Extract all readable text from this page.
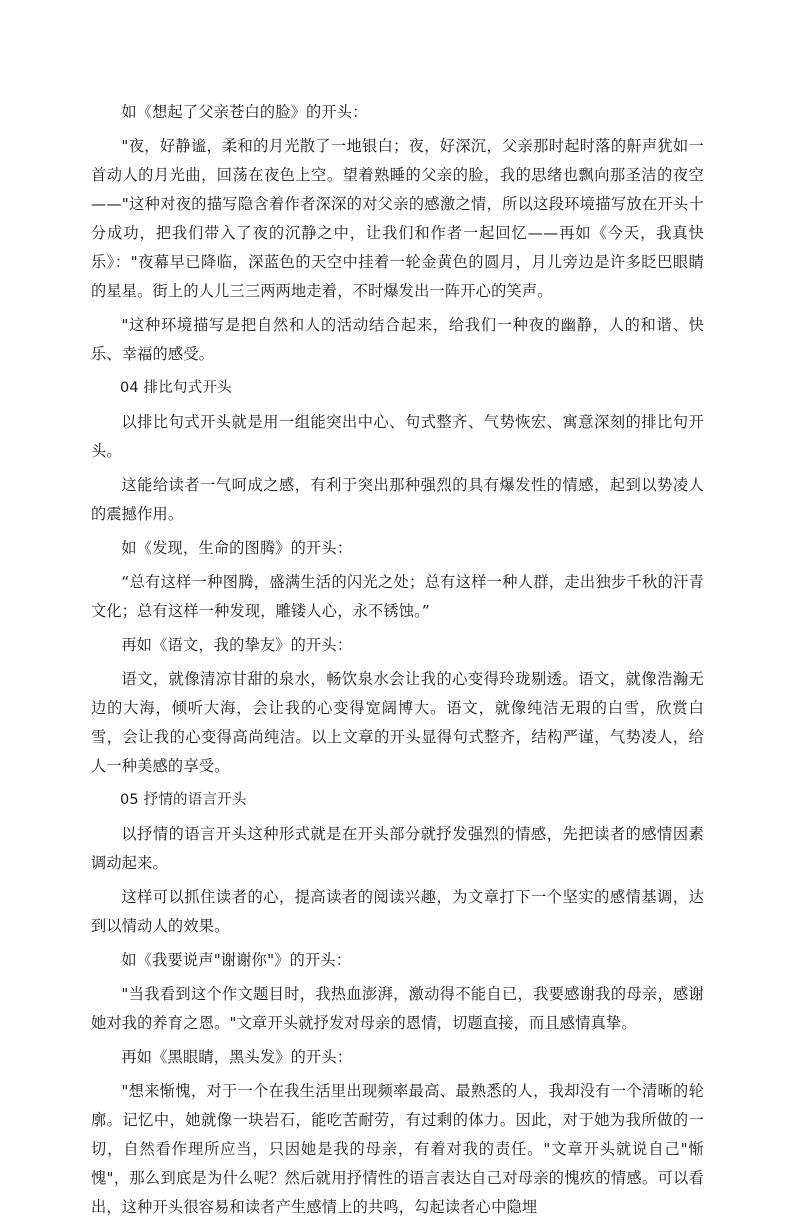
如《想起了父亲苍白的脸》的开头：

"夜，好静谧，柔和的月光散了一地银白；夜，好深沉，父亲那时起时落的鼾声犹如一首动人的月光曲，回荡在夜色上空。望着熟睡的父亲的脸，我的思绪也飘向那圣洁的夜空——"这种对夜的描写隐含着作者深深的对父亲的感激之情，所以这段环境描写放在开头十分成功，把我们带入了夜的沉静之中，让我们和作者一起回忆——再如《今天，我真快乐》："夜幕早已降临，深蓝色的天空中挂着一轮金黄色的圆月，月儿旁边是许多眨巴眼睛的星星。街上的人儿三三两两地走着，不时爆发出一阵开心的笑声。

"这种环境描写是把自然和人的活动结合起来，给我们一种夜的幽静，人的和谐、快乐、幸福的感受。

04 排比句式开头

以排比句式开头就是用一组能突出中心、句式整齐、气势恢宏、寓意深刻的排比句开头。

这能给读者一气呵成之感，有利于突出那种强烈的具有爆发性的情感，起到以势凌人的震撼作用。

如《发现，生命的图腾》的开头：

“总有这样一种图腾，盛满生活的闪光之处；总有这样一种人群，走出独步千秋的汗青文化；总有这样一种发现，雕镂人心，永不锈蚀。”

再如《语文，我的挚友》的开头：

语文，就像清凉甘甜的泉水，畅饮泉水会让我的心变得玲珑剔透。语文，就像浩瀚无边的大海，倾听大海，会让我的心变得宽阔博大。语文，就像纯洁无瑕的白雪，欣赏白雪，会让我的心变得高尚纯洁。以上文章的开头显得句式整齐，结构严谨，气势凌人，给人一种美感的享受。

05 抒情的语言开头

以抒情的语言开头这种形式就是在开头部分就抒发强烈的情感，先把读者的感情因素调动起来。

这样可以抓住读者的心，提高读者的阅读兴趣，为文章打下一个坚实的感情基调，达到以情动人的效果。

如《我要说声"谢谢你"》的开头：

"当我看到这个作文题目时，我热血澎湃，激动得不能自已，我要感谢我的母亲，感谢她对我的养育之恩。"文章开头就抒发对母亲的恩情，切题直接，而且感情真挚。

再如《黑眼睛，黑头发》的开头：

"想来惭愧，对于一个在我生活里出现频率最高、最熟悉的人，我却没有一个清晰的轮廓。记忆中，她就像一块岩石，能吃苦耐劳，有过剩的体力。因此，对于她为我所做的一切，自然看作理所应当，只因她是我的母亲，有着对我的责任。"文章开头就说自己"惭愧"，那么到底是为什么呢？然后就用抒情性的语言表达自己对母亲的愧疚的情感。可以看出，这种开头很容易和读者产生感情上的共鸣，勾起读者心中隐埋
